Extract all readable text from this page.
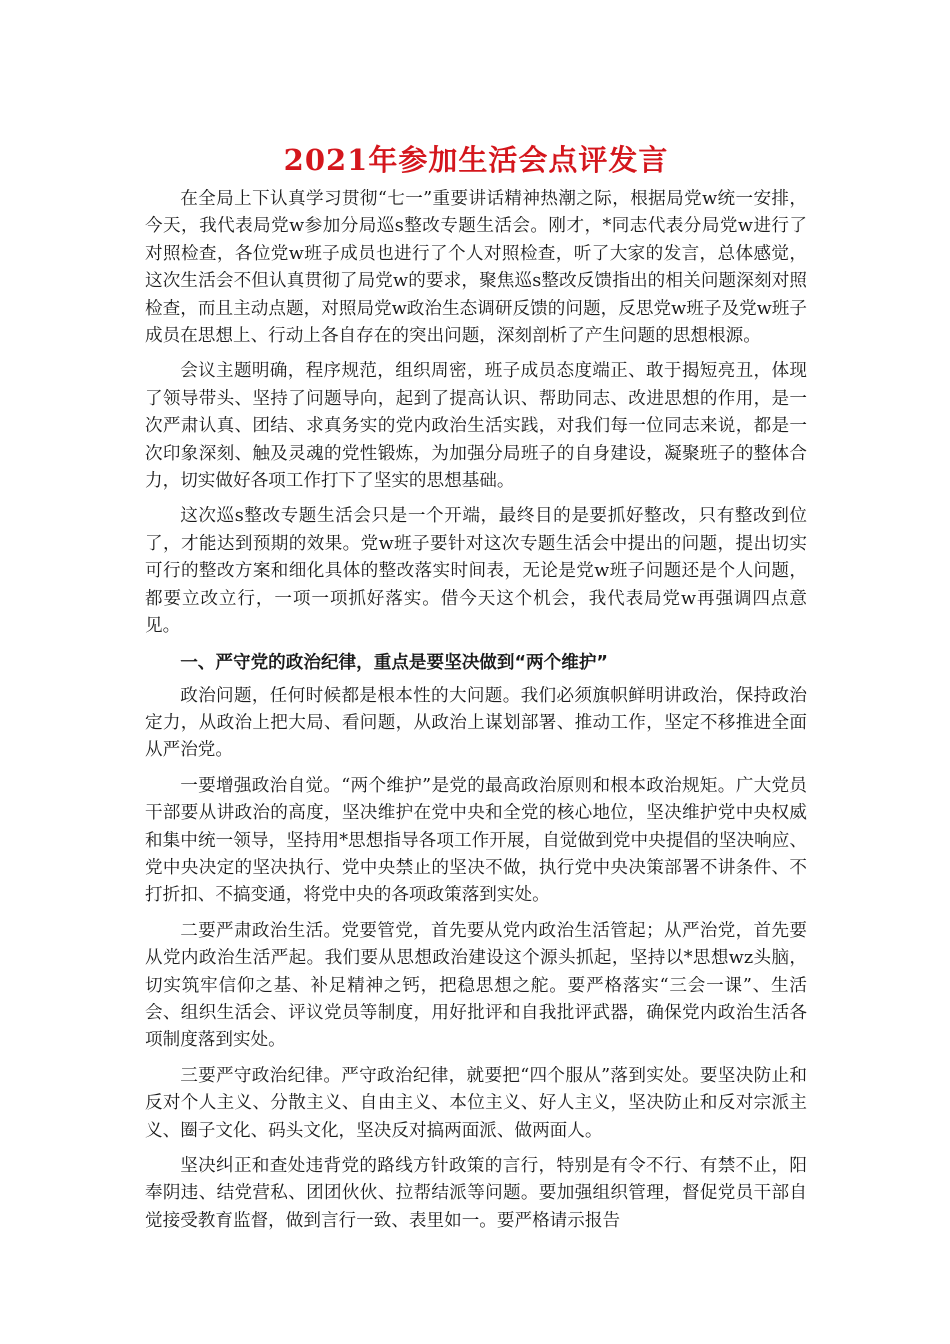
2021年参加生活会点评发言

在全局上下认真学习贯彻“七一”重要讲话精神热潮之际，根据局党w统一安排，今天，我代表局党w参加分局巡s整改专题生活会。刚才，*同志代表分局党w进行了对照检查，各位党w班子成员也进行了个人对照检查，听了大家的发言，总体感觉，这次生活会不但认真贯彻了局党w的要求，聚焦巡s整改反馈指出的相关问题深刻对照检查，而且主动点题，对照局党w政治生态调研反馈的问题，反思党w班子及党w班子成员在思想上、行动上各自存在的突出问题，深刻剖析了产生问题的思想根源。

会议主题明确，程序规范，组织周密，班子成员态度端正、敢于揭短亮丑，体现了领导带头、坚持了问题导向，起到了提高认识、帮助同志、改进思想的作用，是一次严肃认真、团结、求真务实的党内政治生活实践，对我们每一位同志来说，都是一次印象深刻、触及灵魂的党性锻炼，为加强分局班子的自身建设，凝聚班子的整体合力，切实做好各项工作打下了坚实的思想基础。

这次巡s整改专题生活会只是一个开端，最终目的是要抓好整改，只有整改到位了，才能达到预期的效果。党w班子要针对这次专题生活会中提出的问题，提出切实可行的整改方案和细化具体的整改落实时间表，无论是党w班子问题还是个人问题，都要立改立行，一项一项抓好落实。借今天这个机会，我代表局党w再强调四点意见。

一、严守党的政治纪律，重点是要坚决做到“两个维护”

政治问题，任何时候都是根本性的大问题。我们必须旗帜鲜明讲政治，保持政治定力，从政治上把大局、看问题，从政治上谋划部署、推动工作，坚定不移推进全面从严治党。

一要增强政治自觉。“两个维护”是党的最高政治原则和根本政治规矩。广大党员干部要从讲政治的高度，坚决维护在党中央和全党的核心地位，坚决维护党中央权威和集中统一领导，坚持用*思想指导各项工作开展，自觉做到党中央提倡的坚决响应、党中央决定的坚决执行、党中央禁止的坚决不做，执行党中央决策部署不讲条件、不打折扣、不搞变通，将党中央的各项政策落到实处。

二要严肃政治生活。党要管党，首先要从党内政治生活管起；从严治党，首先要从党内政治生活严起。我们要从思想政治建设这个源头抓起，坚持以*思想wz头脑，切实筑牢信仰之基、补足精神之钙，把稳思想之舵。要严格落实“三会一课”、生活会、组织生活会、评议党员等制度，用好批评和自我批评武器，确保党内政治生活各项制度落到实处。

三要严守政治纪律。严守政治纪律，就要把“四个服从”落到实处。要坚决防止和反对个人主义、分散主义、自由主义、本位主义、好人主义，坚决防止和反对宗派主义、圈子文化、码头文化，坚决反对搞两面派、做两面人。

坚决纠正和查处违背党的路线方针政策的言行，特别是有令不行、有禁不止，阳奉阴违、结党营私、团团伙伙、拉帮结派等问题。要加强组织管理，督促党员干部自觉接受教育监督，做到言行一致、表里如一。要严格请示报告
